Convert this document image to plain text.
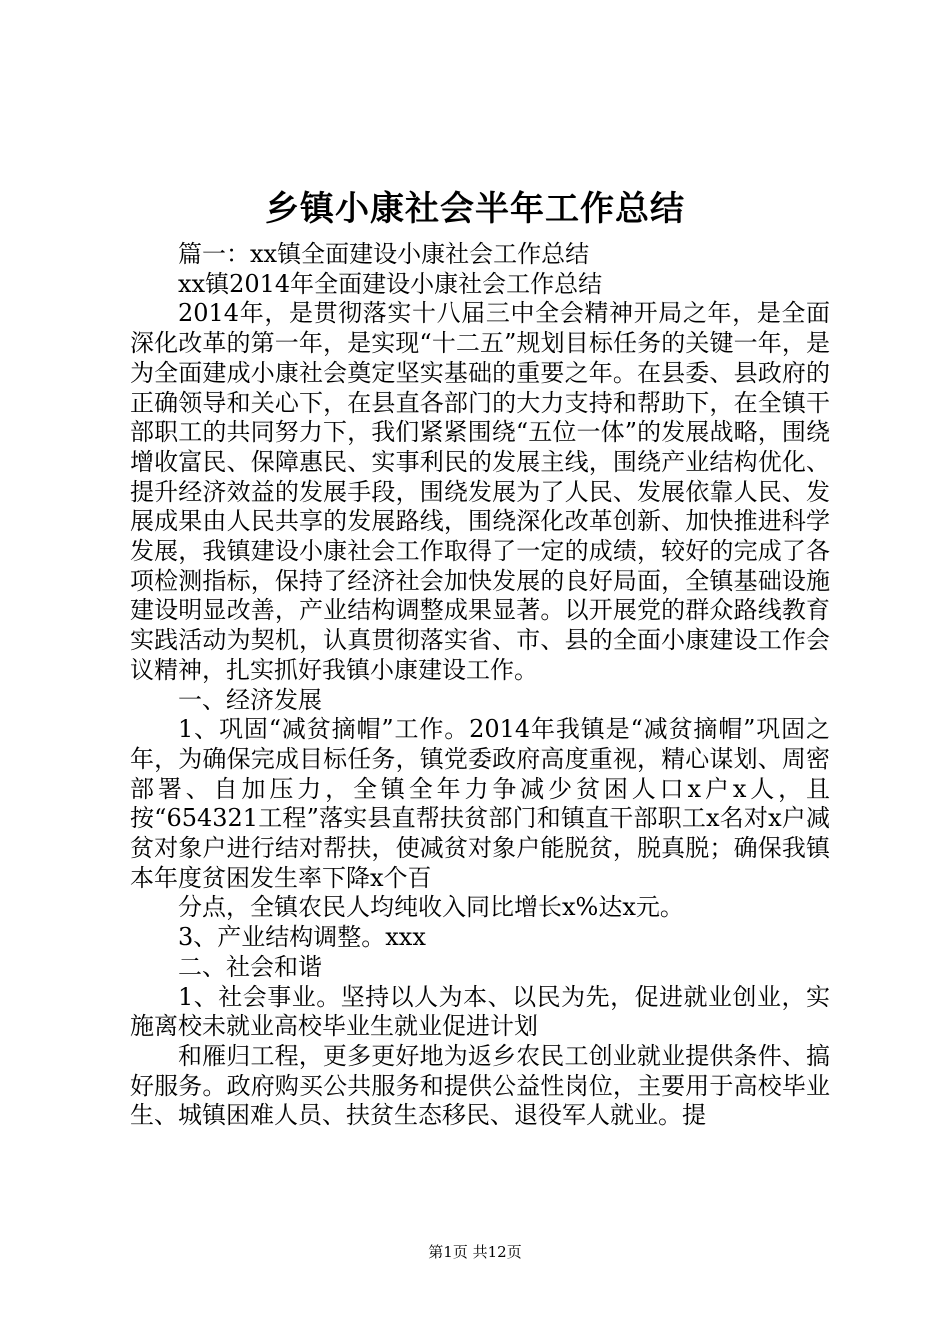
乡镇小康社会半年工作总结

篇一：xx镇全面建设小康社会工作总结

xx镇2014年全面建设小康社会工作总结

2014年，是贯彻落实十八届三中全会精神开局之年，是全面深化改革的第一年，是实现“十二五”规划目标任务的关键一年，是为全面建成小康社会奠定坚实基础的重要之年。在县委、县政府的正确领导和关心下，在县直各部门的大力支持和帮助下，在全镇干部职工的共同努力下，我们紧紧围绕“五位一体”的发展战略，围绕增收富民、保障惠民、实事利民的发展主线，围绕产业结构优化、提升经济效益的发展手段，围绕发展为了人民、发展依靠人民、发展成果由人民共享的发展路线，围绕深化改革创新、加快推进科学发展，我镇建设小康社会工作取得了一定的成绩，较好的完成了各项检测指标，保持了经济社会加快发展的良好局面，全镇基础设施建设明显改善，产业结构调整成果显著。以开展党的群众路线教育实践活动为契机，认真贯彻落实省、市、县的全面小康建设工作会议精神，扎实抓好我镇小康建设工作。

一、经济发展

1、巩固“减贫摘帽”工作。2014年我镇是“减贫摘帽”巩固之年，为确保完成目标任务，镇党委政府高度重视，精心谋划、周密部署、自加压力，全镇全年力争减少贫困人口x户x人，且按“654321工程”落实县直帮扶贫部门和镇直干部职工x名对x户减贫对象户进行结对帮扶，使减贫对象户能脱贫，脱真脱；确保我镇本年度贫困发生率下降x个百

分点，全镇农民人均纯收入同比增长x%达x元。

3、产业结构调整。xxx

二、社会和谐

1、社会事业。坚持以人为本、以民为先，促进就业创业，实施离校未就业高校毕业生就业促进计划

和雁归工程，更多更好地为返乡农民工创业就业提供条件、搞好服务。政府购买公共服务和提供公益性岗位，主要用于高校毕业生、城镇困难人员、扶贫生态移民、退役军人就业。提

第1页 共12页
